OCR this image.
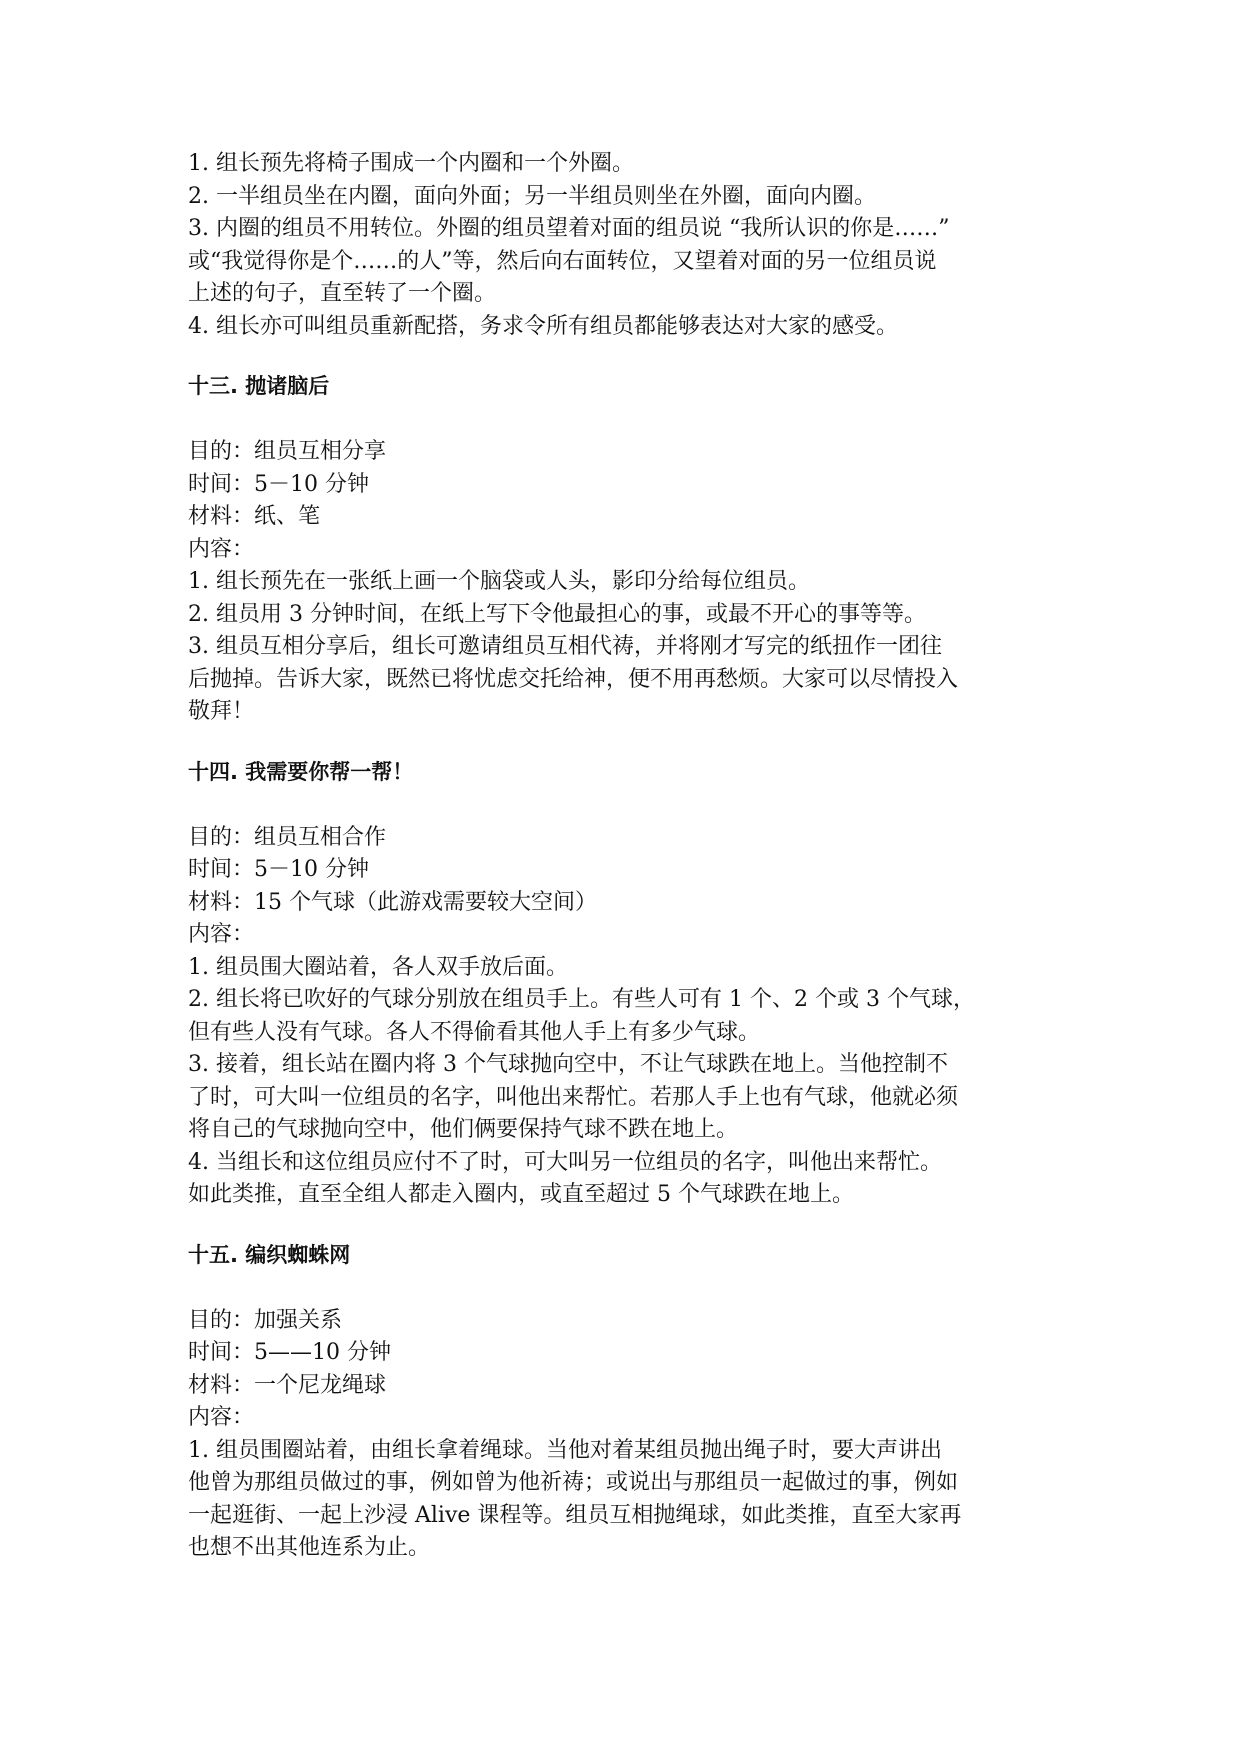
1. 组长预先将椅子围成一个内圈和一个外圈。

2. 一半组员坐在内圈，面向外面；另一半组员则坐在外圈，面向内圈。

3. 内圈的组员不用转位。外圈的组员望着对面的组员说 “我所认识的你是……”

或“我觉得你是个……的人”等，然后向右面转位，又望着对面的另一位组员说

上述的句子，直至转了一个圈。

4. 组长亦可叫组员重新配搭，务求令所有组员都能够表达对大家的感受。

十三. 抛诸脑后

目的：组员互相分享

时间：5－10 分钟

材料：纸、笔

内容：

1. 组长预先在一张纸上画一个脑袋或人头，影印分给每位组员。

2. 组员用 3 分钟时间，在纸上写下令他最担心的事，或最不开心的事等等。

3. 组员互相分享后，组长可邀请组员互相代祷，并将刚才写完的纸扭作一团往

后抛掉。告诉大家，既然已将忧虑交托给神，便不用再愁烦。大家可以尽情投入

敬拜！

十四. 我需要你帮一帮！

目的：组员互相合作

时间：5－10 分钟

材料：15 个气球（此游戏需要较大空间）

内容：

1. 组员围大圈站着，各人双手放后面。

2. 组长将已吹好的气球分别放在组员手上。有些人可有 1 个、2 个或 3 个气球，

但有些人没有气球。各人不得偷看其他人手上有多少气球。

3. 接着，组长站在圈内将 3 个气球抛向空中，不让气球跌在地上。当他控制不

了时，可大叫一位组员的名字，叫他出来帮忙。若那人手上也有气球，他就必须

将自己的气球抛向空中，他们俩要保持气球不跌在地上。

4. 当组长和这位组员应付不了时，可大叫另一位组员的名字，叫他出来帮忙。

如此类推，直至全组人都走入圈内，或直至超过 5 个气球跌在地上。

十五. 编织蜘蛛网

目的：加强关系

时间：5——10 分钟

材料：一个尼龙绳球

内容：

1. 组员围圈站着，由组长拿着绳球。当他对着某组员抛出绳子时，要大声讲出

他曾为那组员做过的事，例如曾为他祈祷；或说出与那组员一起做过的事，例如

一起逛街、一起上沙浸 Alive 课程等。组员互相抛绳球，如此类推，直至大家再

也想不出其他连系为止。
